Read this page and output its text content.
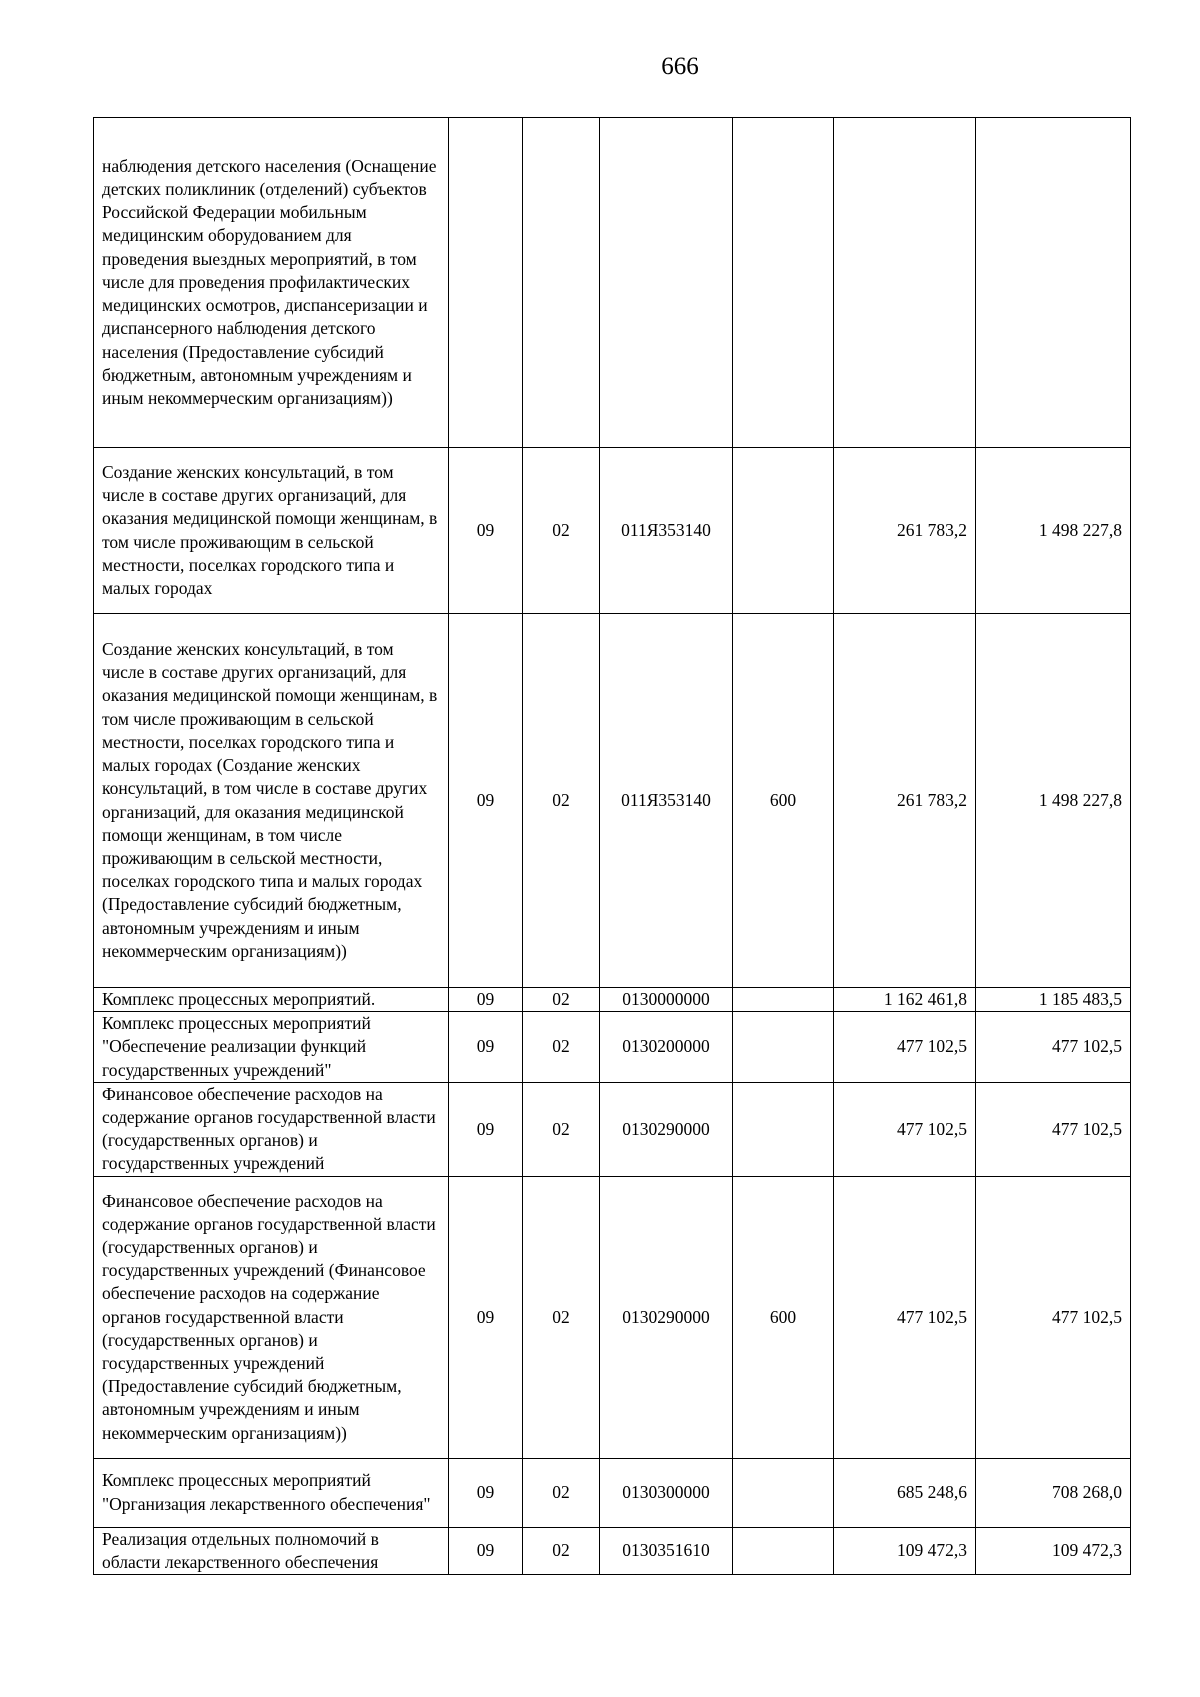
666
наблюдения детского населения (Оснащение детских поликлиник (отделений) субъектов Российской Федерации мобильным медицинским оборудованием для проведения выездных мероприятий, в том числе для проведения профилактических медицинских осмотров, диспансеризации и диспансерного наблюдения детского населения (Предоставление субсидий бюджетным, автономным учреждениям и иным некоммерческим организациям))						
Создание женских консультаций, в том числе в составе других организаций, для оказания медицинской помощи женщинам, в том числе проживающим в сельской местности, поселках городского типа и малых городах	09	02	011Я353140		261 783,2	1 498 227,8
Создание женских консультаций, в том числе в составе других организаций, для оказания медицинской помощи женщинам, в том числе проживающим в сельской местности, поселках городского типа и малых городах (Создание женских консультаций, в том числе в составе других организаций, для оказания медицинской помощи женщинам, в том числе проживающим в сельской местности, поселках городского типа и малых городах (Предоставление субсидий бюджетным, автономным учреждениям и иным некоммерческим организациям))	09	02	011Я353140	600	261 783,2	1 498 227,8
Комплекс процессных мероприятий.	09	02	0130000000		1 162 461,8	1 185 483,5
Комплекс процессных мероприятий "Обеспечение реализации функций государственных учреждений"	09	02	0130200000		477 102,5	477 102,5
Финансовое обеспечение расходов на содержание органов государственной власти (государственных органов) и государственных учреждений	09	02	0130290000		477 102,5	477 102,5
Финансовое обеспечение расходов на содержание органов государственной власти (государственных органов) и государственных учреждений (Финансовое обеспечение расходов на содержание органов государственной власти (государственных органов) и государственных учреждений (Предоставление субсидий бюджетным, автономным учреждениям и иным некоммерческим организациям))	09	02	0130290000	600	477 102,5	477 102,5
Комплекс процессных мероприятий "Организация лекарственного обеспечения"	09	02	0130300000		685 248,6	708 268,0
Реализация отдельных полномочий в области лекарственного обеспечения	09	02	0130351610		109 472,3	109 472,3
